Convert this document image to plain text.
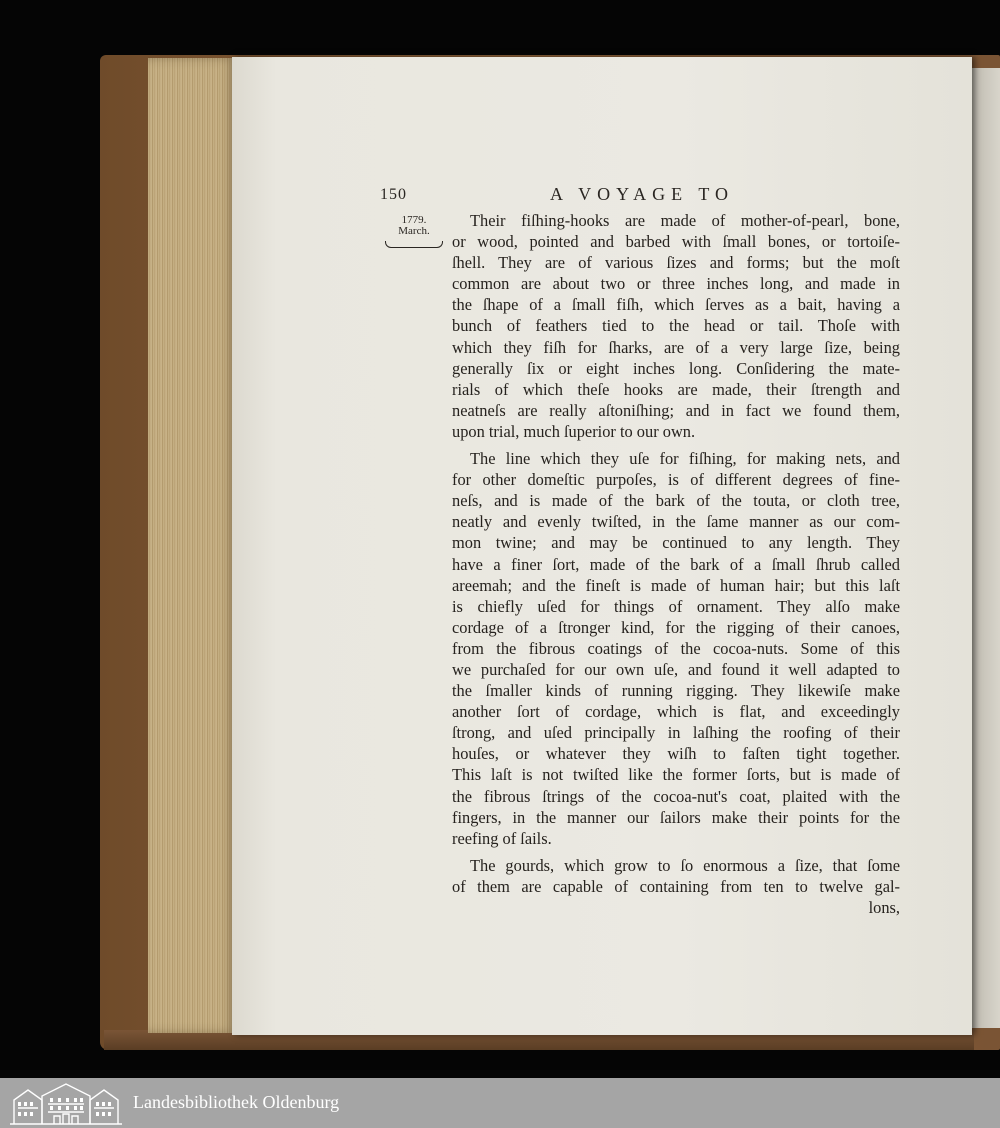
150	A VOYAGE TO
1779.
March.
Their fiſhing-hooks are made of mother-of-pearl, bone,
or wood, pointed and barbed with ſmall bones, or tortoiſe-
ſhell. They are of various ſizes and forms; but the moſt
common are about two or three inches long, and made in
the ſhape of a ſmall fiſh, which ſerves as a bait, having a
bunch of feathers tied to the head or tail. Thoſe with
which they fiſh for ſharks, are of a very large ſize, being
generally ſix or eight inches long. Conſidering the mate-
rials of which theſe hooks are made, their ſtrength and
neatneſs are really aſtoniſhing; and in fact we found them,
upon trial, much ſuperior to our own.
The line which they uſe for fiſhing, for making nets, and
for other domeſtic purpoſes, is of different degrees of fine-
neſs, and is made of the bark of the touta, or cloth tree,
neatly and evenly twiſted, in the ſame manner as our com-
mon twine; and may be continued to any length. They
have a finer ſort, made of the bark of a ſmall ſhrub called
areemah; and the fineſt is made of human hair; but this laſt
is chiefly uſed for things of ornament. They alſo make
cordage of a ſtronger kind, for the rigging of their canoes,
from the fibrous coatings of the cocoa-nuts. Some of this
we purchaſed for our own uſe, and found it well adapted to
the ſmaller kinds of running rigging. They likewiſe make
another ſort of cordage, which is flat, and exceedingly
ſtrong, and uſed principally in laſhing the roofing of their
houſes, or whatever they wiſh to faſten tight together.
This laſt is not twiſted like the former ſorts, but is made of
the fibrous ſtrings of the cocoa-nut's coat, plaited with the
fingers, in the manner our ſailors make their points for the
reefing of ſails.
The gourds, which grow to ſo enormous a ſize, that ſome
of them are capable of containing from ten to twelve gal-
lons,
Landesbibliothek Oldenburg
